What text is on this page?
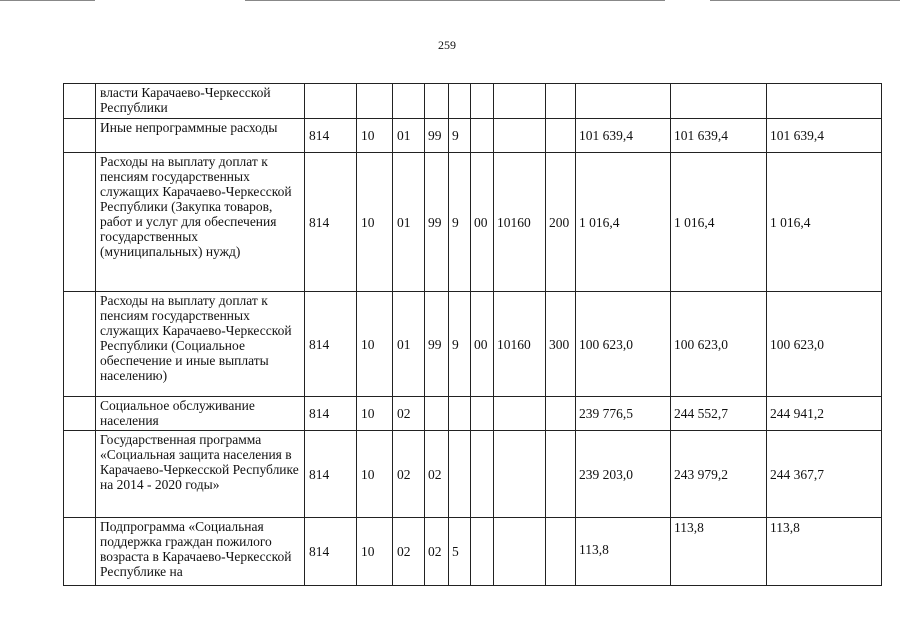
259
	власти Карачаево-Черкесской Республики											
	Иные непрограммные расходы	814	10	01	99	9				101 639,4	101 639,4	101 639,4
	Расходы на выплату доплат к пенсиям государственных служащих Карачаево-Черкесской Республики (Закупка товаров, работ и услуг для обеспечения государственных (муниципальных) нужд)	814	10	01	99	9	00	10160	200	1 016,4	1 016,4	1 016,4
	Расходы на выплату доплат к пенсиям государственных служащих Карачаево-Черкесской Республики (Социальное обеспечение и иные выплаты населению)	814	10	01	99	9	00	10160	300	100 623,0	100 623,0	100 623,0
	Социальное обслуживание населения	814	10	02						239 776,5	244 552,7	244 941,2
	Государственная программа «Социальная защита населения в Карачаево-Черкесской Республике на 2014 - 2020 годы»	814	10	02	02					239 203,0	243 979,2	244 367,7
	Подпрограмма «Социальная поддержка граждан пожилого возраста в Карачаево-Черкесской Республике на	814	10	02	02	5				113,8	113,8	113,8
